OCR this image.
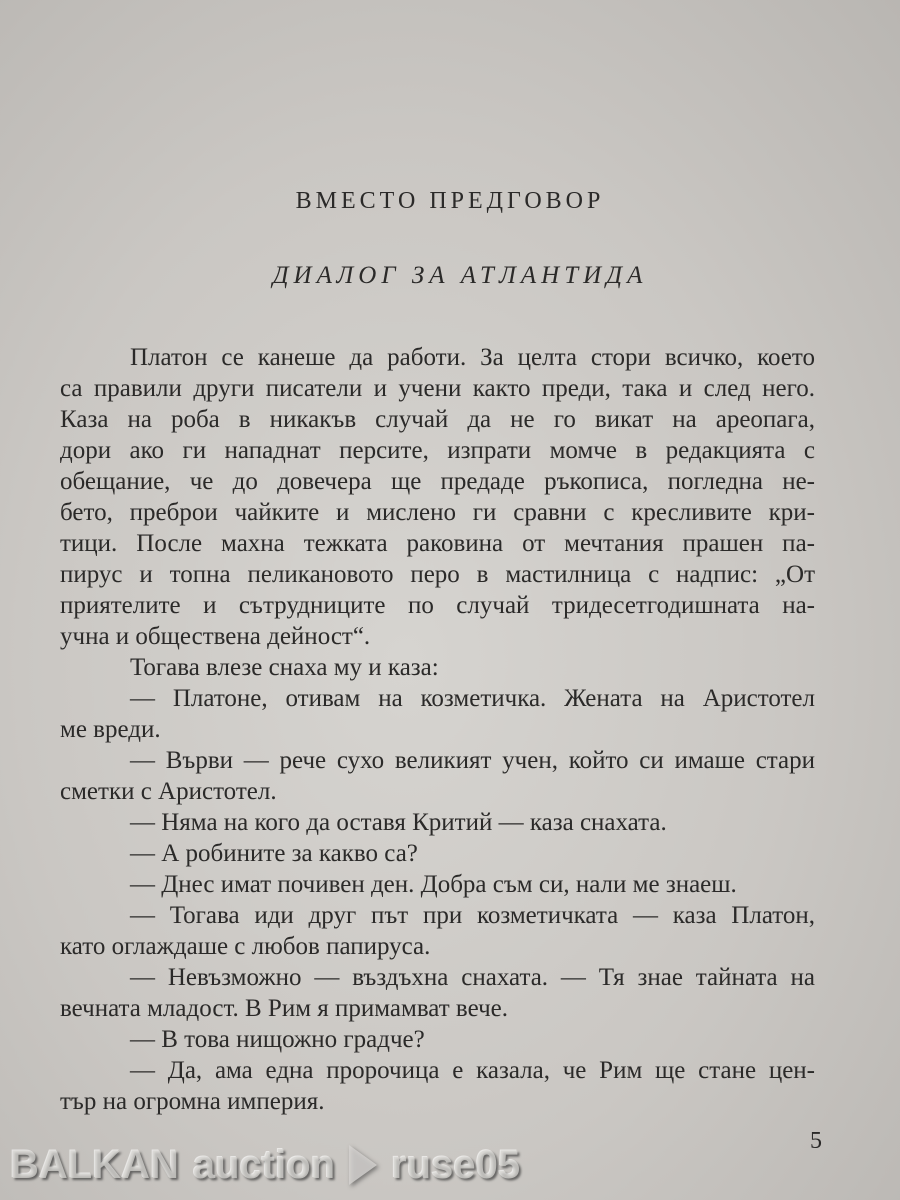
ВМЕСТО ПРЕДГОВОР
ДИАЛОГ ЗА АТЛАНТИДА
Платон се канеше да работи. За целта стори всичко, което
са правили други писатели и учени както преди, така и след него.
Каза на роба в никакъв случай да не го викат на ареопага,
дори ако ги нападнат персите, изпрати момче в редакцията с
обещание, че до довечера ще предаде ръкописа, погледна не-
бето, преброи чайките и мислено ги сравни с кресливите кри-
тици. После махна тежката раковина от мечтания прашен па-
пирус и топна пеликановото перо в мастилница с надпис: „От
приятелите и сътрудниците по случай тридесетгодишната на-
учна и обществена дейност“.
Тогава влезе снаха му и каза:
— Платоне, отивам на козметичка. Жената на Аристотел
ме вреди.
— Върви — рече сухо великият учен, който си имаше стари
сметки с Аристотел.
— Няма на кого да оставя Критий — каза снахата.
— А робините за какво са?
— Днес имат почивен ден. Добра съм си, нали ме знаеш.
— Тогава иди друг път при козметичката — каза Платон,
като оглаждаше с любов папируса.
— Невъзможно — въздъхна снахата. — Тя знае тайната на
вечната младост. В Рим я примамват вече.
— В това нищожно градче?
— Да, ама една пророчица е казала, че Рим ще стане цен-
тър на огромна империя.
5
BALKAN auction ruse05
